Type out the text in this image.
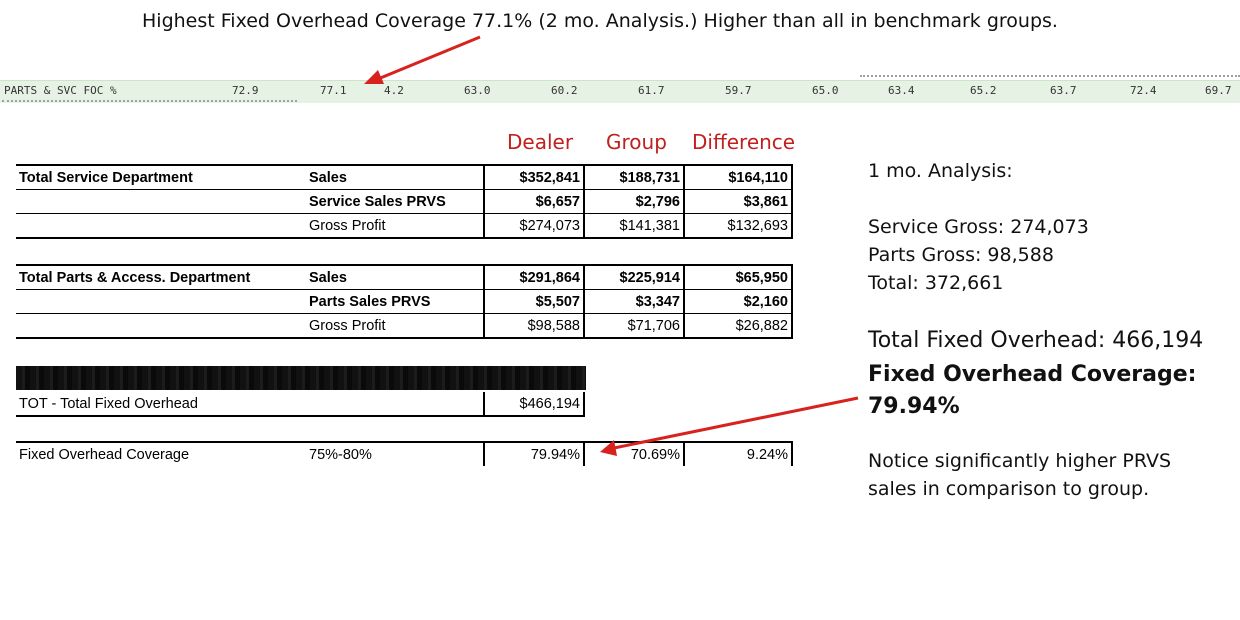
Highest Fixed Overhead Coverage 77.1% (2 mo. Analysis.) Higher than all in benchmark groups.
PARTS & SVC FOC %	72.9	77.1	4.2	63.0	60.2	61.7	59.7	65.0	63.4	65.2	63.7	72.4	69.7
Dealer Group Difference
Total Service Department	Sales	$352,841	$188,731	$164,110
	Service Sales PRVS	$6,657	$2,796	$3,861
	Gross Profit	$274,073	$141,381	$132,693
Total Parts & Access. Department	Sales	$291,864	$225,914	$65,950
	Parts Sales PRVS	$5,507	$3,347	$2,160
	Gross Profit	$98,588	$71,706	$26,882
TOT - Total Fixed Overhead		$466,194
Fixed Overhead Coverage	75%-80%	79.94%	70.69%	9.24%
1 mo. Analysis:
Service Gross: 274,073
Parts Gross: 98,588
Total: 372,661
Total Fixed Overhead: 466,194
Fixed Overhead Coverage:
79.94%
Notice significantly higher PRVS
sales in comparison to group.
